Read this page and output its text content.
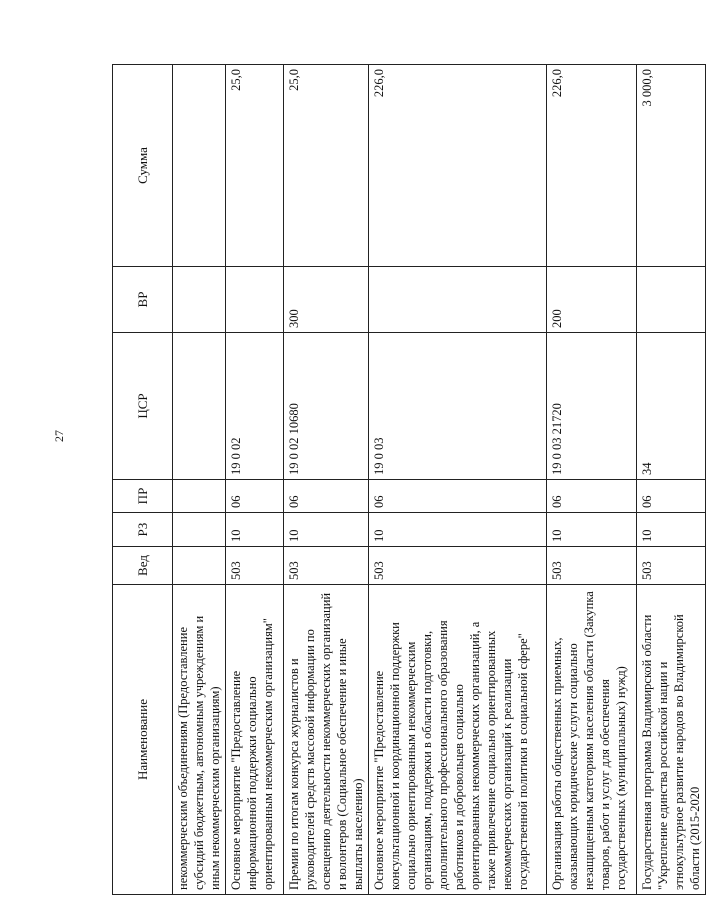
27
Наименование	Вед	РЗ	ПР	ЦСР	ВР	Сумма
некоммерческим объединениям (Предоставление субсидий бюджетным, автономным учреждениям и иным некоммерческим организациям)						
Основное мероприятие "Предоставление информационной поддержки социально ориентированным некоммерческим организациям"	503	10	06	19 0 02		25,0
Премии по итогам конкурса журналистов и руководителей средств массовой информации по освещению деятельности некоммерческих организаций и волонтеров (Социальное обеспечение и иные выплаты населению)	503	10	06	19 0 02 10680	300	25,0
Основное мероприятие "Предоставление консультационной и координационной поддержки социально ориентированным некоммерческим организациям, поддержки в области подготовки, дополнительного профессионального образования работников и добровольцев социально ориентированных некоммерческих организаций, а также привлечение социально ориентированных некоммерческих организаций к реализации государственной политики в социальной сфере"	503	10	06	19 0 03		226,0
Организация работы общественных приемных, оказывающих юридические услуги социально незащищенным категориям населения области (Закупка товаров, работ и услуг для обеспечения государственных (муниципальных) нужд)	503	10	06	19 0 03 21720	200	226,0
Государственная программа Владимирской области "Укрепление единства российской нации и этнокультурное развитие народов во Владимирской области (2015-2020	503	10	06	34		3 000,0
